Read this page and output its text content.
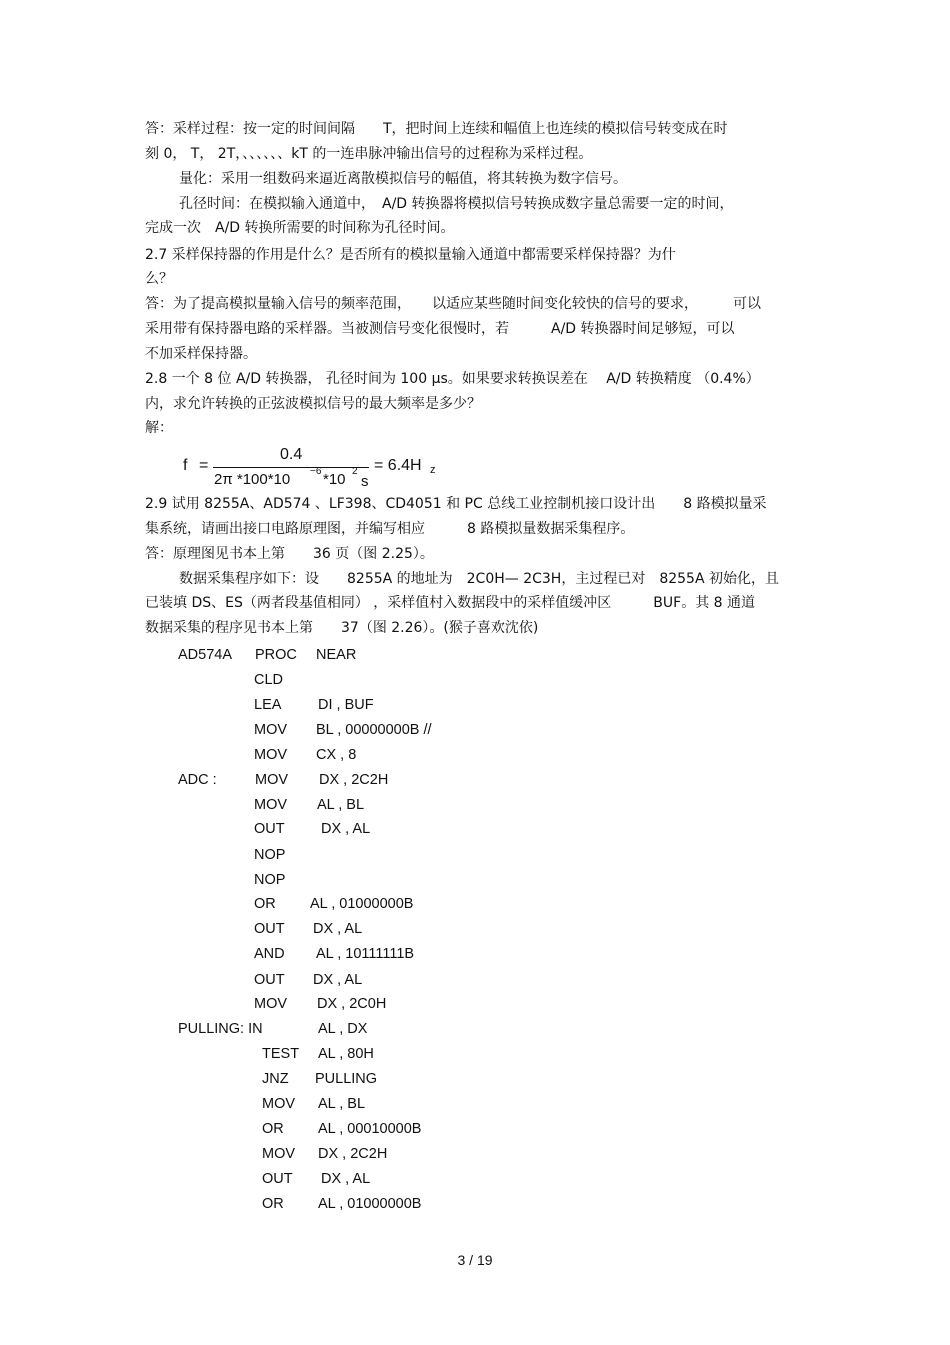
答：采样过程：按一定的时间间隔　　T，把时间上连续和幅值上也连续的模拟信号转变成在时
刻 0， T， 2T，、、、、、、kT 的一连串脉冲输出信号的过程称为采样过程。
量化：采用一组数码来逼近离散模拟信号的幅值，将其转换为数字信号。
孔径时间：在模拟输入通道中，　A/D 转换器将模拟信号转换成数字量总需要一定的时间，
完成一次　A/D 转换所需要的时间称为孔径时间。
2.7 采样保持器的作用是什么？是否所有的模拟量输入通道中都需要采样保持器？为什
么？
答：为了提高模拟量输入信号的频率范围，　　以适应某些随时间变化较快的信号的要求，　　　可以
采用带有保持器电路的采样器。当被测信号变化很慢时，若　　　A/D 转换器时间足够短，可以
不加采样保持器。
2.8 一个 8 位 A/D 转换器， 孔径时间为 100 μs。如果要求转换误差在　 A/D 转换精度 （0.4%）
内，求允许转换的正弦波模拟信号的最大频率是多少？
解：
f =
0.4
2π *100*10 −6 *10 2
s
= 6.4H z
2.9 试用 8255A、AD574 、LF398、CD4051 和 PC 总线工业控制机接口设计出　　8 路模拟量采
集系统，请画出接口电路原理图，并编写相应　　　8 路模拟量数据采集程序。
答：原理图见书本上第　　36 页（图 2.25）。
数据采集程序如下：设　　8255A 的地址为　2C0H— 2C3H，主过程已对　8255A 初始化，且
已装填 DS、ES（两者段基值相同） ，采样值村入数据段中的采样值缓冲区　　　BUF。其 8 通道
数据采集的程序见书本上第　　37（图 2.26）。(猴子喜欢沈依)
AD574A PROC NEAR
CLD
LEA	DI , BUF
MOV BL , 00000000B //
MOV CX , 8
ADC :	MOV DX , 2C2H
MOV AL , BL
OUT	DX , AL
NOP
NOP
OR AL , 01000000B
OUT DX , AL
AND AL , 10111111B
OUT DX , AL
MOV DX , 2C0H
PULLING: IN	AL , DX
TEST AL , 80H
JNZ PULLING
MOV AL , BL
OR AL , 00010000B
MOV DX , 2C2H
OUT DX , AL
OR AL , 01000000B
3 / 19
